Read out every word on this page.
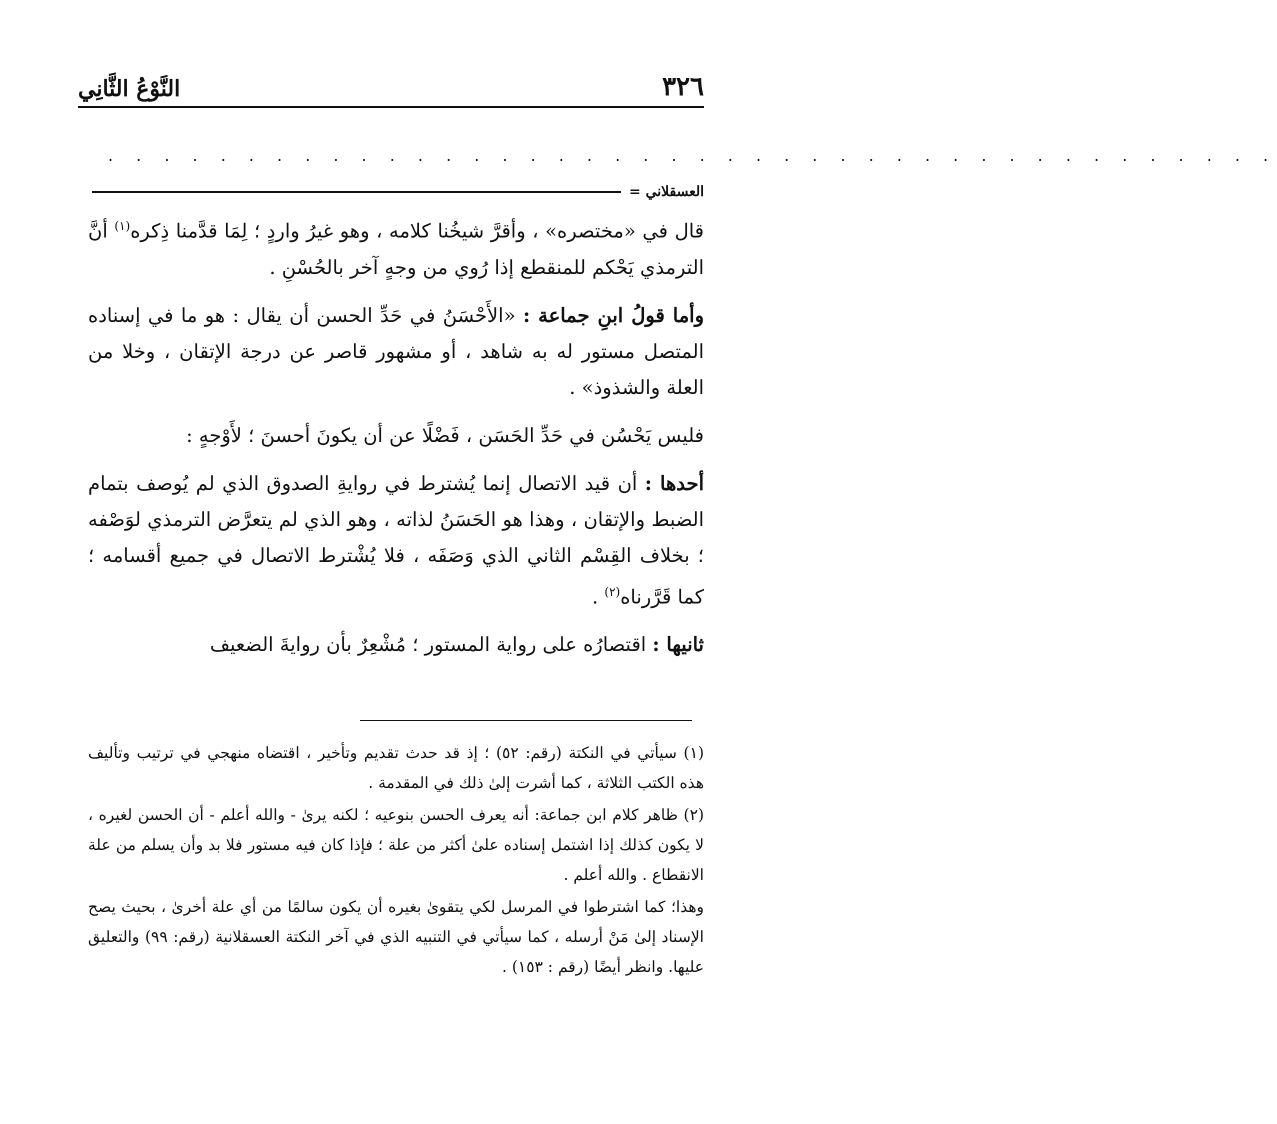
٣٢٦
النَّوْعُ الثَّانِي
. . . . . . . . . . . . . . . . . . . . . . . . . . . . . . . . . . . . . . . . . .
العسقلاني =

قال في «مختصره» ، وأقرَّ شيخُنا كلامه ، وهو غيرُ واردٍ ؛ لِمَا قدَّمنا ذِكره$^{(١)}$ أنَّ الترمذي يَحْكم للمنقطع إذا رُوي من وجهٍ آخر بالحُسْنِ .

وأما قولُ ابنِ جماعة : «الأَحْسَنُ في حَدِّ الحسن أن يقال : هو ما في إسناده المتصل مستور له به شاهد ، أو مشهور قاصر عن درجة الإتقان ، وخلا من العلة والشذوذ» .

فليس يَحْسُن في حَدِّ الحَسَن ، فَضْلًا عن أن يكونَ أحسنَ ؛ لأَوْجهٍ :

أحدها : أن قيد الاتصال إنما يُشترط في روايةِ الصدوق الذي لم يُوصف بتمام الضبط والإتقان ، وهذا هو الحَسَنُ لذاته ، وهو الذي لم يتعرَّض الترمذي لوَصْفه ؛ بخلاف القِسْم الثاني الذي وَصَفَه ، فلا يُشْترط الاتصال في جميع أقسامه ؛ كما قَرَّرناه$^{(٢)}$ .

ثانيها : اقتصارُه على رواية المستور ؛ مُشْعِرٌ بأن روايةَ الضعيف

(١) سيأتي في النكتة (رقم: ٥٢) ؛ إذ قد حدث تقديم وتأخير ، اقتضاه منهجي في ترتيب وتأليف هذه الكتب الثلاثة ، كما أشرت إلىٰ ذلك في المقدمة .

(٢) ظاهر كلام ابن جماعة: أنه يعرف الحسن بنوعيه ؛ لكنه يرىٰ - والله أعلم - أن الحسن لغيره ، لا يكون كذلك إذا اشتمل إسناده علىٰ أكثر من علة ؛ فإذا كان فيه مستور فلا بد وأن يسلم من علة الانقطاع . والله أعلم .

وهذا؛ كما اشترطوا في المرسل لكي يتقوىٰ بغيره أن يكون سالمًا من أي علة أخرىٰ ، بحيث يصح الإسناد إلىٰ مَنْ أرسله ، كما سيأتي في التنبيه الذي في آخر النكتة العسقلانية (رقم: ٩٩) والتعليق عليها. وانظر أيضًا (رقم : ١٥٣) .
